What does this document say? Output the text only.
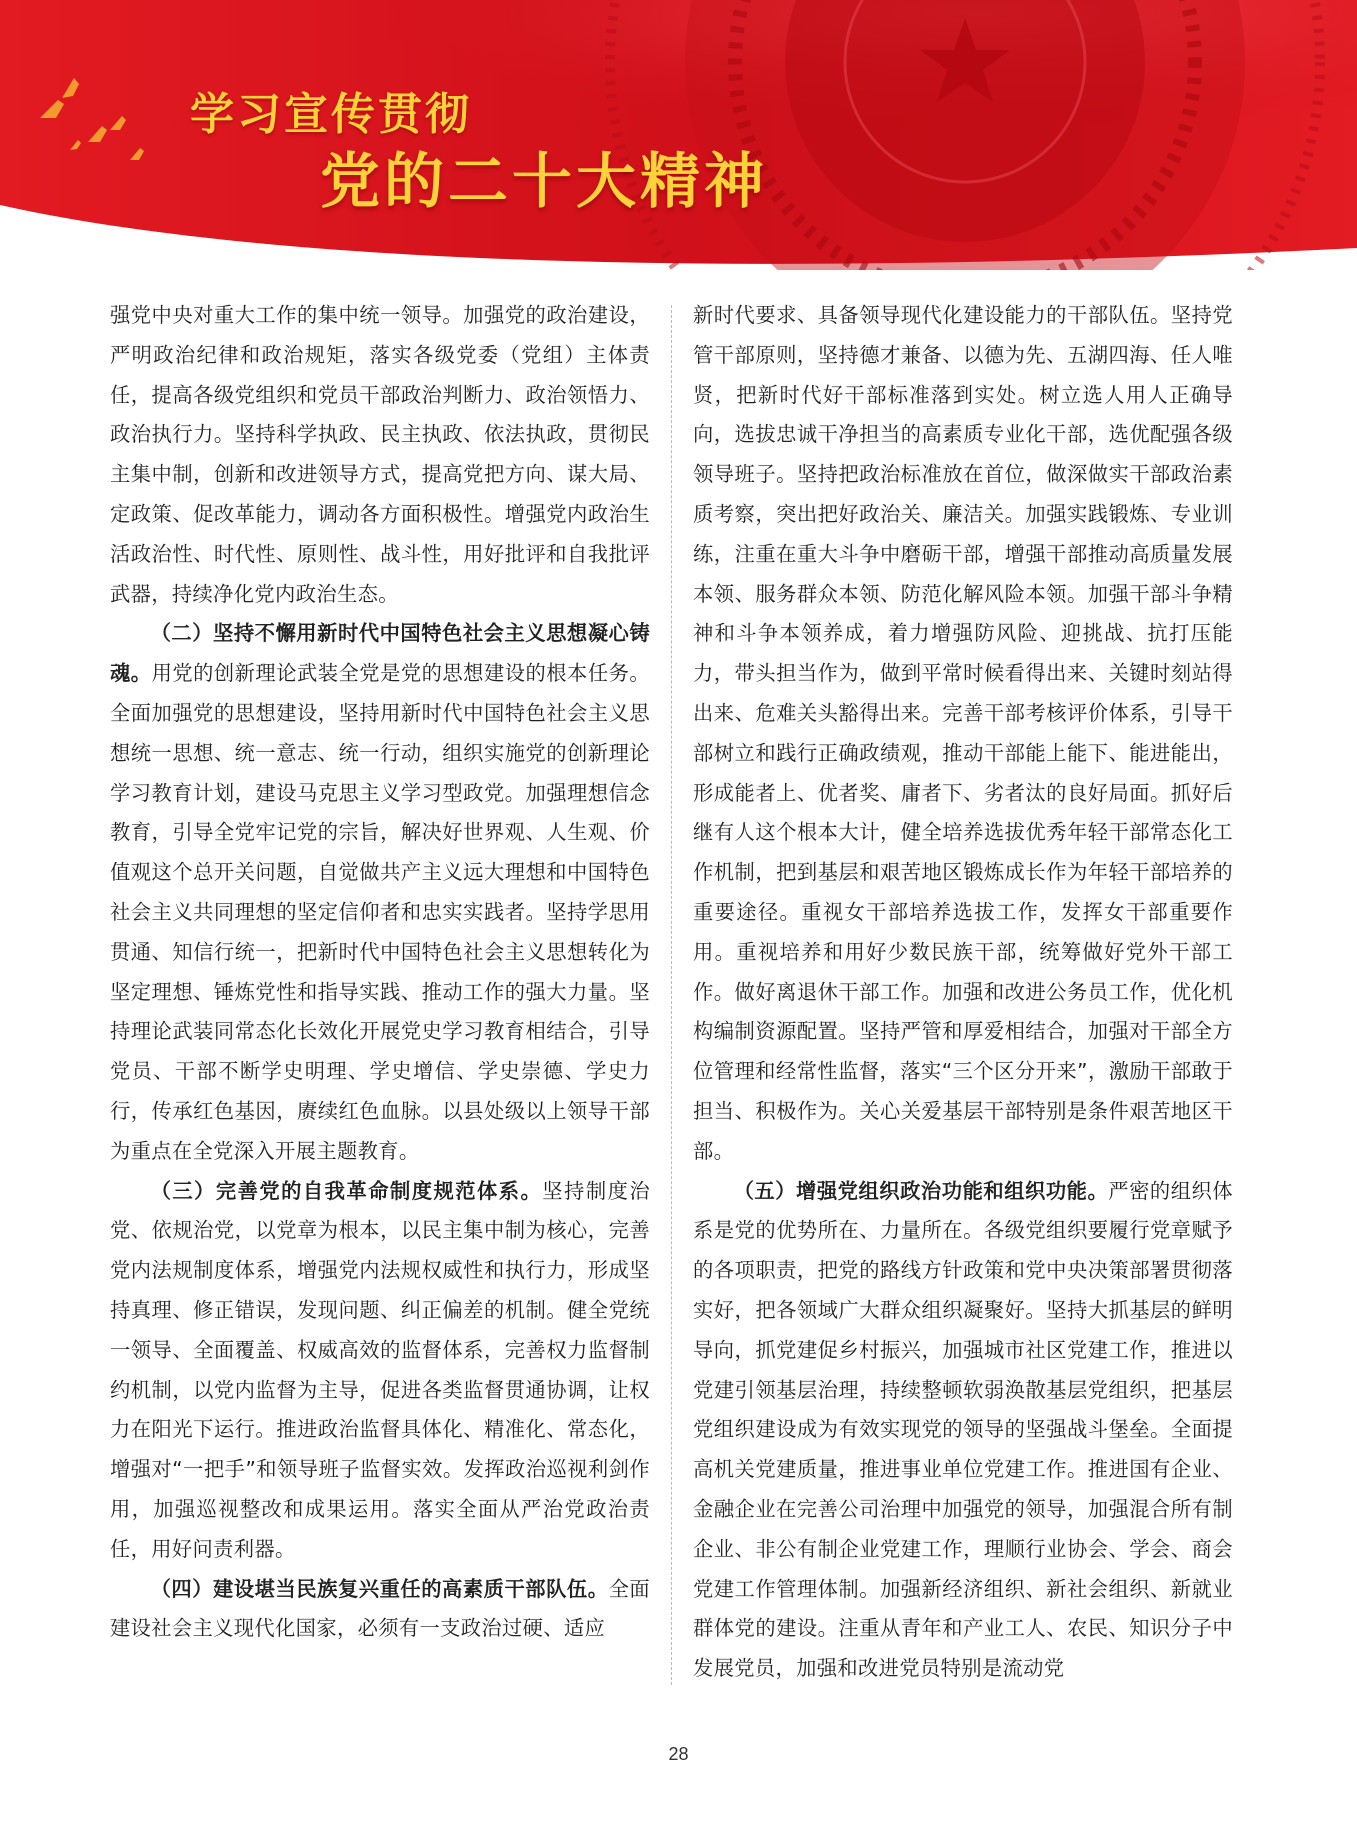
学习宣传贯彻
党的二十大精神

强党中央对重大工作的集中统一领导。加强党的政治建设，严明政治纪律和政治规矩，落实各级党委（党组）主体责任，提高各级党组织和党员干部政治判断力、政治领悟力、政治执行力。坚持科学执政、民主执政、依法执政，贯彻民主集中制，创新和改进领导方式，提高党把方向、谋大局、定政策、促改革能力，调动各方面积极性。增强党内政治生活政治性、时代性、原则性、战斗性，用好批评和自我批评武器，持续净化党内政治生态。

（二）坚持不懈用新时代中国特色社会主义思想凝心铸魂。用党的创新理论武装全党是党的思想建设的根本任务。全面加强党的思想建设，坚持用新时代中国特色社会主义思想统一思想、统一意志、统一行动，组织实施党的创新理论学习教育计划，建设马克思主义学习型政党。加强理想信念教育，引导全党牢记党的宗旨，解决好世界观、人生观、价值观这个总开关问题，自觉做共产主义远大理想和中国特色社会主义共同理想的坚定信仰者和忠实实践者。坚持学思用贯通、知信行统一，把新时代中国特色社会主义思想转化为坚定理想、锤炼党性和指导实践、推动工作的强大力量。坚持理论武装同常态化长效化开展党史学习教育相结合，引导党员、干部不断学史明理、学史增信、学史崇德、学史力行，传承红色基因，赓续红色血脉。以县处级以上领导干部为重点在全党深入开展主题教育。

（三）完善党的自我革命制度规范体系。坚持制度治党、依规治党，以党章为根本，以民主集中制为核心，完善党内法规制度体系，增强党内法规权威性和执行力，形成坚持真理、修正错误，发现问题、纠正偏差的机制。健全党统一领导、全面覆盖、权威高效的监督体系，完善权力监督制约机制，以党内监督为主导，促进各类监督贯通协调，让权力在阳光下运行。推进政治监督具体化、精准化、常态化，增强对“一把手”和领导班子监督实效。发挥政治巡视利剑作用，加强巡视整改和成果运用。落实全面从严治党政治责任，用好问责利器。

（四）建设堪当民族复兴重任的高素质干部队伍。全面建设社会主义现代化国家，必须有一支政治过硬、适应

新时代要求、具备领导现代化建设能力的干部队伍。坚持党管干部原则，坚持德才兼备、以德为先、五湖四海、任人唯贤，把新时代好干部标准落到实处。树立选人用人正确导向，选拔忠诚干净担当的高素质专业化干部，选优配强各级领导班子。坚持把政治标准放在首位，做深做实干部政治素质考察，突出把好政治关、廉洁关。加强实践锻炼、专业训练，注重在重大斗争中磨砺干部，增强干部推动高质量发展本领、服务群众本领、防范化解风险本领。加强干部斗争精神和斗争本领养成，着力增强防风险、迎挑战、抗打压能力，带头担当作为，做到平常时候看得出来、关键时刻站得出来、危难关头豁得出来。完善干部考核评价体系，引导干部树立和践行正确政绩观，推动干部能上能下、能进能出，形成能者上、优者奖、庸者下、劣者汰的良好局面。抓好后继有人这个根本大计，健全培养选拔优秀年轻干部常态化工作机制，把到基层和艰苦地区锻炼成长作为年轻干部培养的重要途径。重视女干部培养选拔工作，发挥女干部重要作用。重视培养和用好少数民族干部，统筹做好党外干部工作。做好离退休干部工作。加强和改进公务员工作，优化机构编制资源配置。坚持严管和厚爱相结合，加强对干部全方位管理和经常性监督，落实“三个区分开来”，激励干部敢于担当、积极作为。关心关爱基层干部特别是条件艰苦地区干部。

（五）增强党组织政治功能和组织功能。严密的组织体系是党的优势所在、力量所在。各级党组织要履行党章赋予的各项职责，把党的路线方针政策和党中央决策部署贯彻落实好，把各领域广大群众组织凝聚好。坚持大抓基层的鲜明导向，抓党建促乡村振兴，加强城市社区党建工作，推进以党建引领基层治理，持续整顿软弱涣散基层党组织，把基层党组织建设成为有效实现党的领导的坚强战斗堡垒。全面提高机关党建质量，推进事业单位党建工作。推进国有企业、金融企业在完善公司治理中加强党的领导，加强混合所有制企业、非公有制企业党建工作，理顺行业协会、学会、商会党建工作管理体制。加强新经济组织、新社会组织、新就业群体党的建设。注重从青年和产业工人、农民、知识分子中发展党员，加强和改进党员特别是流动党

28
